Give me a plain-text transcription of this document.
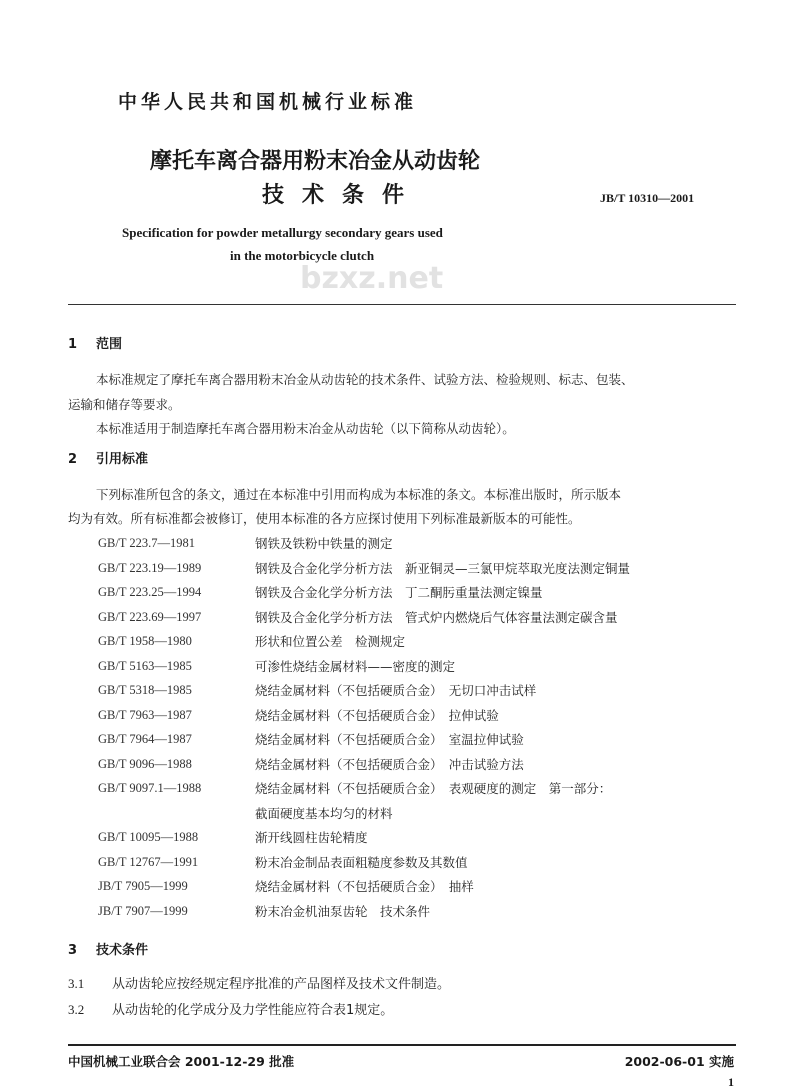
bzxz.net
中华人民共和国机械行业标准
摩托车离合器用粉末冶金从动齿轮
技术条件	JB/T 10310—2001
Specification for powder metallurgy secondary gears used
in the motorbicycle clutch
1 范围
本标准规定了摩托车离合器用粉末冶金从动齿轮的技术条件、试验方法、检验规则、标志、包装、
运输和储存等要求。
本标准适用于制造摩托车离合器用粉末冶金从动齿轮（以下简称从动齿轮）。
2 引用标准
下列标准所包含的条文，通过在本标准中引用而构成为本标准的条文。本标准出版时，所示版本
均为有效。所有标准都会被修订，使用本标准的各方应探讨使用下列标准最新版本的可能性。
GB/T 223.7—1981	钢铁及铁粉中铁量的测定
GB/T 223.19—1989	钢铁及合金化学分析方法　新亚铜灵—三氯甲烷萃取光度法测定铜量
GB/T 223.25—1994	钢铁及合金化学分析方法　丁二酮肟重量法测定镍量
GB/T 223.69—1997	钢铁及合金化学分析方法　管式炉内燃烧后气体容量法测定碳含量
GB/T 1958—1980	形状和位置公差　检测规定
GB/T 5163—1985	可渗性烧结金属材料——密度的测定
GB/T 5318—1985	烧结金属材料（不包括硬质合金）　无切口冲击试样
GB/T 7963—1987	烧结金属材料（不包括硬质合金）　拉伸试验
GB/T 7964—1987	烧结金属材料（不包括硬质合金）　室温拉伸试验
GB/T 9096—1988	烧结金属材料（不包括硬质合金）　冲击试验方法
GB/T 9097.1—1988	烧结金属材料（不包括硬质合金）　表观硬度的测定　第一部分：
截面硬度基本均匀的材料
GB/T 10095—1988	渐开线圆柱齿轮精度
GB/T 12767—1991	粉末冶金制品表面粗糙度参数及其数值
JB/T 7905—1999	烧结金属材料（不包括硬质合金）　抽样
JB/T 7907—1999	粉末冶金机油泵齿轮　技术条件
3 技术条件
3.1 从动齿轮应按经规定程序批准的产品图样及技术文件制造。
3.2 从动齿轮的化学成分及力学性能应符合表1规定。
中国机械工业联合会 2001-12-29 批准	2002-06-01 实施
1
